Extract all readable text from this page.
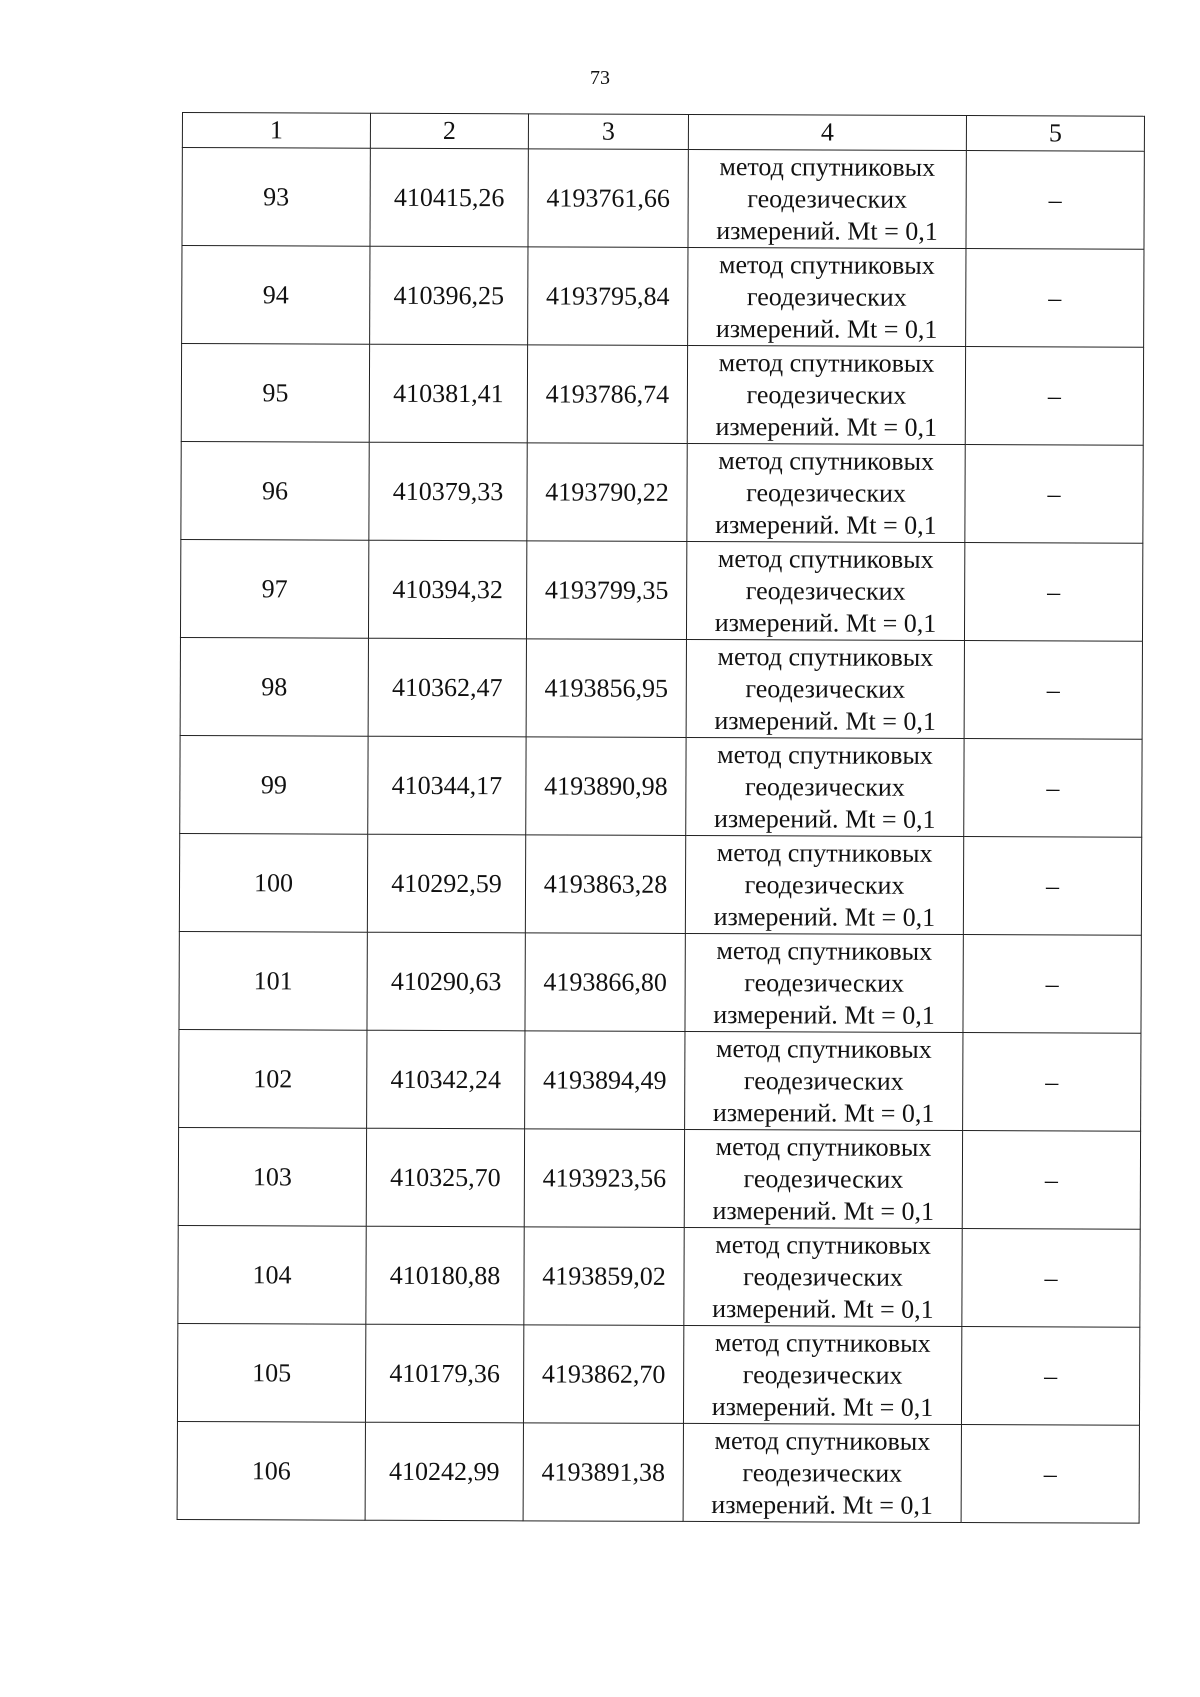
73
1	2	3	4	5
93	410415,26	4193761,66	метод спутниковых геодезических измерений. Mt = 0,1	–
94	410396,25	4193795,84	метод спутниковых геодезических измерений. Mt = 0,1	–
95	410381,41	4193786,74	метод спутниковых геодезических измерений. Mt = 0,1	–
96	410379,33	4193790,22	метод спутниковых геодезических измерений. Mt = 0,1	–
97	410394,32	4193799,35	метод спутниковых геодезических измерений. Mt = 0,1	–
98	410362,47	4193856,95	метод спутниковых геодезических измерений. Mt = 0,1	–
99	410344,17	4193890,98	метод спутниковых геодезических измерений. Mt = 0,1	–
100	410292,59	4193863,28	метод спутниковых геодезических измерений. Mt = 0,1	–
101	410290,63	4193866,80	метод спутниковых геодезических измерений. Mt = 0,1	–
102	410342,24	4193894,49	метод спутниковых геодезических измерений. Mt = 0,1	–
103	410325,70	4193923,56	метод спутниковых геодезических измерений. Mt = 0,1	–
104	410180,88	4193859,02	метод спутниковых геодезических измерений. Mt = 0,1	–
105	410179,36	4193862,70	метод спутниковых геодезических измерений. Mt = 0,1	–
106	410242,99	4193891,38	метод спутниковых геодезических измерений. Mt = 0,1	–
